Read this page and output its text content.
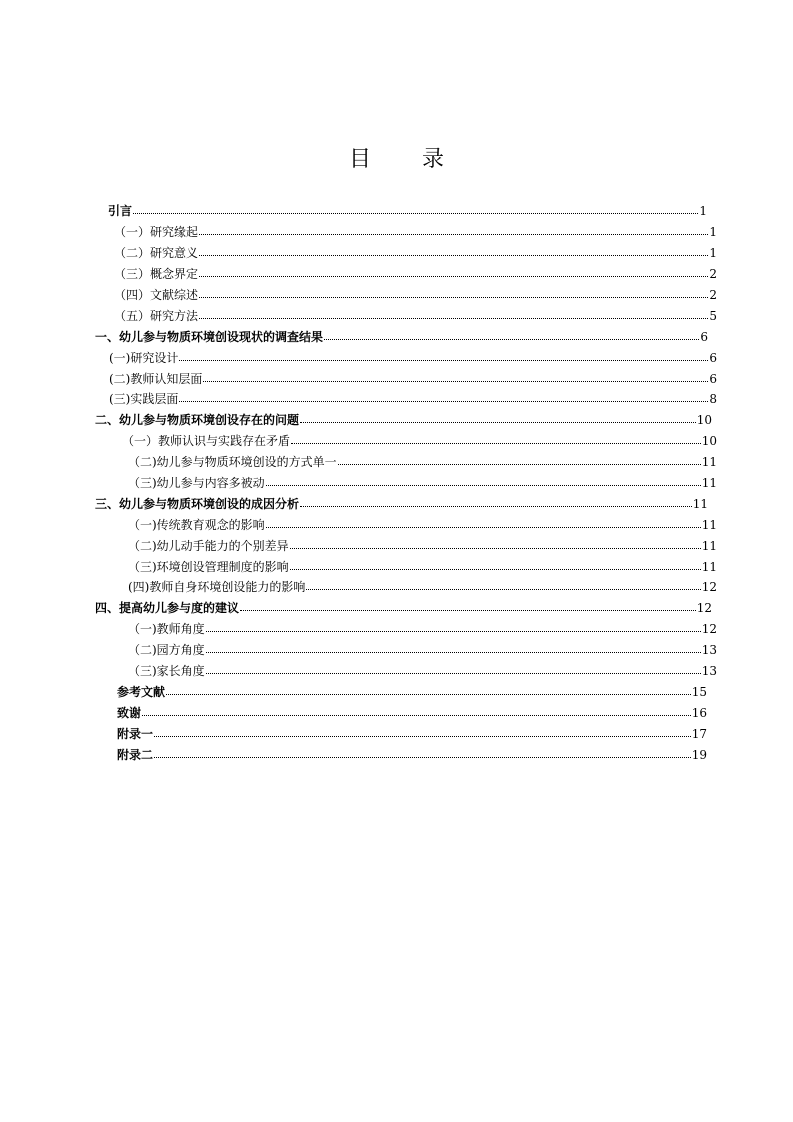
目 录
引言	1
（一）研究缘起	1
（二）研究意义	1
（三）概念界定	2
（四）文献综述	2
（五）研究方法	5
一、幼儿参与物质环境创设现状的调查结果	6
(一)研究设计	6
(二)教师认知层面	6
(三)实践层面	8
二、幼儿参与物质环境创设存在的问题	10
（一）教师认识与实践存在矛盾	10
（二)幼儿参与物质环境创设的方式单一	11
（三)幼儿参与内容多被动	11
三、幼儿参与物质环境创设的成因分析	11
（一)传统教育观念的影响	11
（二)幼儿动手能力的个别差异	11
（三)环境创设管理制度的影响	11
(四)教师自身环境创设能力的影响	12
四、提高幼儿参与度的建议	12
（一)教师角度	12
（二)园方角度	13
（三)家长角度	13
参考文献	15
致谢	16
附录一	17
附录二	19
